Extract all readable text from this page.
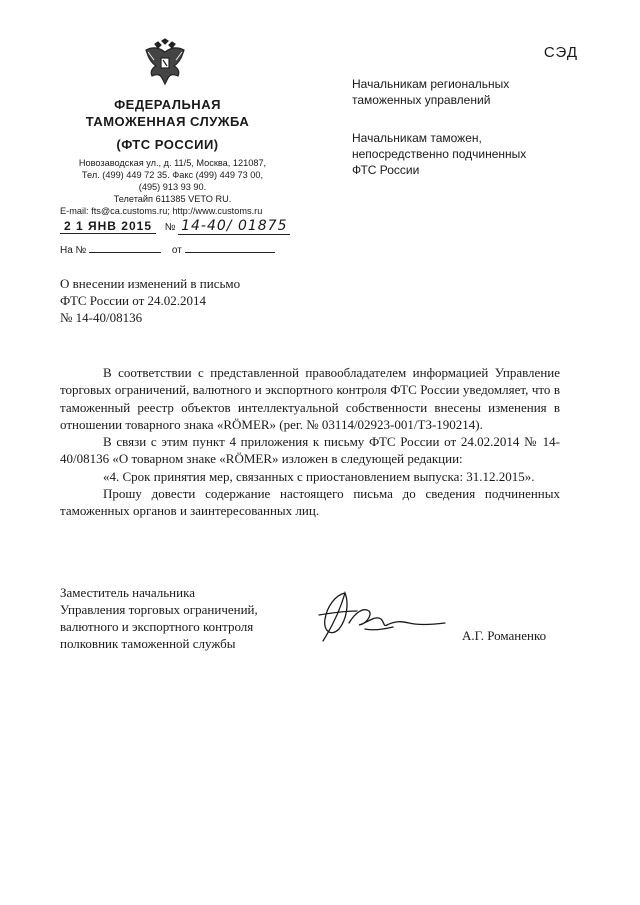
ФЕДЕРАЛЬНАЯ
ТАМОЖЕННАЯ СЛУЖБА
(ФТС РОССИИ)
Новозаводская ул., д. 11/5, Москва, 121087,
Тел. (499) 449 72 35. Факс (499) 449 73 00,
(495) 913 93 90.
Телетайп 611385 VETO RU.
E-mail: fts@ca.customs.ru; http://www.customs.ru
СЭД
Начальникам региональных
таможенных управлений
Начальникам таможен,
непосредственно подчиненных
ФТС России
2 1 ЯНВ 2015 № 14-40/ 01875
На №	от
О внесении изменений в письмо
ФТС России от 24.02.2014
№ 14-40/08136

В соответствии с представленной правообладателем информацией Управление торговых ограничений, валютного и экспортного контроля ФТС России уведомляет, что в таможенный реестр объектов интеллектуальной собственности внесены изменения в отношении товарного знака «RÖMER» (рег. № 03114/02923-001/ТЗ-190214).

В связи с этим пункт 4 приложения к письму ФТС России от 24.02.2014 № 14-40/08136 «О товарном знаке «RÖMER» изложен в следующей редакции:

«4. Срок принятия мер, связанных с приостановлением выпуска: 31.12.2015».

Прошу довести содержание настоящего письма до сведения подчиненных таможенных органов и заинтересованных лиц.

Заместитель начальника
Управления торговых ограничений,
валютного и экспортного контроля
полковник таможенной службы
А.Г. Романенко
